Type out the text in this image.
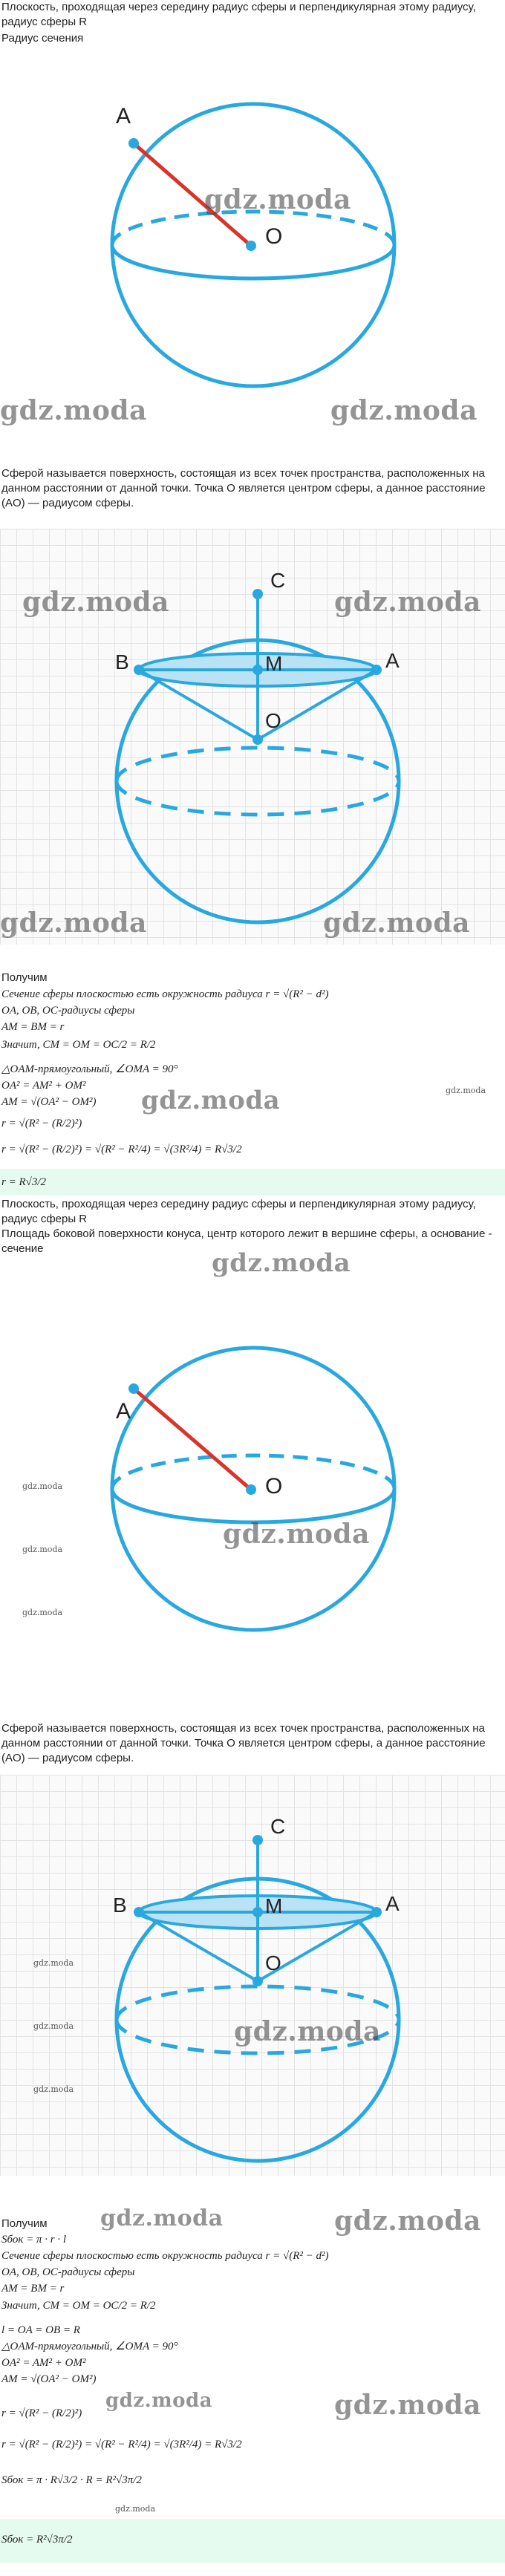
Плоскость, проходящая через середину радиус сферы и перпендикулярная этому радиусу, радиус сферы R
Радиус сечения
A
O
gdz.moda
gdz.moda	gdz.moda
Сферой называется поверхность, состоящая из всех точек пространства, расположенных на данном расстоянии от данной точки. Точка O является центром сферы, а данное расстояние (AO) — радиусом сферы.
C
B	A
M
O
gdz.moda	gdz.moda
gdz.moda	gdz.moda
Получим
Сечение сферы плоскостью есть окружность радиуса r = √(R² − d²)
OA, OB, OC-радиусы сферы
AM = BM = r
Значит, CM = OM = OC/2 = R/2
△OAM-прямоугольный, ∠OMA = 90°
OA² = AM² + OM²
AM = √(OA² − OM²)
r = √(R² − (R/2)²)
r = √(R² − (R/2)²) = √(R² − R²/4) = √(3R²/4) = R√3/2
r = R√3/2
gdz.moda	gdz.moda
Плоскость, проходящая через середину радиус сферы и перпендикулярная этому радиусу, радиус сферы R
Площадь боковой поверхности конуса, центр которого лежит в вершине сферы, а основание - сечение	gdz.moda
A
O
gdz.moda
gdz.moda
gdz.moda
gdz.moda
Сферой называется поверхность, состоящая из всех точек пространства, расположенных на данном расстоянии от данной точки. Точка O является центром сферы, а данное расстояние (AO) — радиусом сферы.
C
B	A
M
O
gdz.moda
gdz.moda
gdz.moda
gdz.moda
gdz.moda	gdz.moda
Получим
Sбок = π · r · l
Сечение сферы плоскостью есть окружность радиуса r = √(R² − d²)
OA, OB, OC-радиусы сферы
AM = BM = r
Значит, CM = OM = OC/2 = R/2
l = OA = OB = R
△OAM-прямоугольный, ∠OMA = 90°
OA² = AM² + OM²
AM = √(OA² − OM²)
gdz.moda	gdz.moda
r = √(R² − (R/2)²)
r = √(R² − (R/2)²) = √(R² − R²/4) = √(3R²/4) = R√3/2
Sбок = π · R√3/2 · R = R²√3π/2
gdz.moda
Sбок = R²√3π/2
